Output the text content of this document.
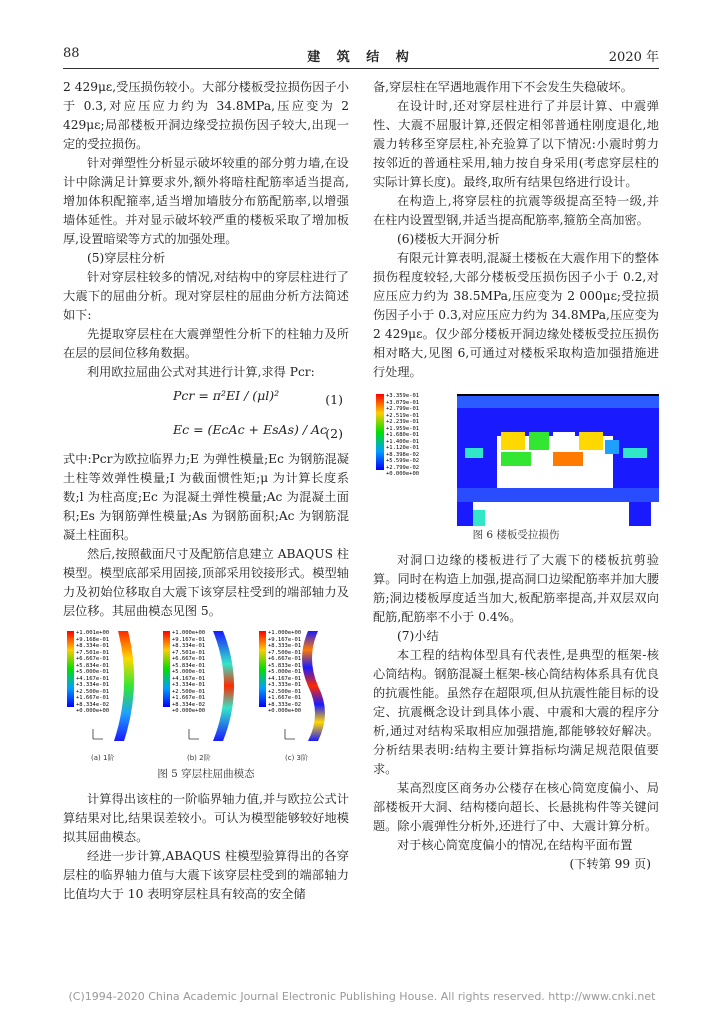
88	建 筑 结 构	2020 年

2 429με,受压损伤较小。大部分楼板受拉损伤因子小于 0.3,对应压应力约为 34.8MPa,压应变为 2 429με;局部楼板开洞边缘受拉损伤因子较大,出现一定的受拉损伤。

针对弹塑性分析显示破坏较重的部分剪力墙,在设计中除满足计算要求外,额外将暗柱配筋率适当提高,增加体积配箍率,适当增加墙肢分布筋配筋率,以增强墙体延性。并对显示破坏较严重的楼板采取了增加板厚,设置暗梁等方式的加强处理。

(5)穿层柱分析

针对穿层柱较多的情况,对结构中的穿层柱进行了大震下的屈曲分析。现对穿层柱的屈曲分析方法简述如下:

先提取穿层柱在大震弹塑性分析下的柱轴力及所在层的层间位移角数据。

利用欧拉屈曲公式对其进行计算,求得 Pcr:

Pcr = π²EI / (μl)²	(1)
Ec = (EcAc + EsAs) / Ac
(2)

式中:Pcr为欧拉临界力;E 为弹性模量;Ec 为钢筋混凝土柱等效弹性模量;I 为截面惯性矩;μ 为计算长度系数;l 为柱高度;Ec 为混凝土弹性模量;Ac 为混凝土面积;Es 为钢筋弹性模量;As 为钢筋面积;Ac 为钢筋混凝土柱面积。

然后,按照截面尺寸及配筋信息建立 ABAQUS 柱模型。模型底部采用固接,顶部采用铰接形式。模型轴力及初始位移取自大震下该穿层柱受到的端部轴力及层位移。其屈曲模态见图 5。

+1.001e+00
+9.168e-01
+8.334e-01
+7.501e-01
+6.667e-01
+5.834e-01
+5.000e-01
+4.167e-01
+3.334e-01
+2.500e-01
+1.667e-01
+8.334e-02
+0.000e+00
+1.000e+00
+9.167e-01
+8.334e-01
+7.501e-01
+6.667e-01
+5.834e-01
+5.000e-01
+4.167e-01
+3.334e-01
+2.500e-01
+1.667e-01
+8.334e-02
+0.000e+00
+1.000e+00
+9.167e-01
+8.333e-01
+7.500e-01
+6.667e-01
+5.833e-01
+5.000e-01
+4.167e-01
+3.333e-01
+2.500e-01
+1.667e-01
+8.333e-02
+0.000e+00
(a) 1阶	(b) 2阶	(c) 3阶

图 5 穿层柱屈曲模态

计算得出该柱的一阶临界轴力值,并与欧拉公式计算结果对比,结果误差较小。可认为模型能够较好地模拟其屈曲模态。

经进一步计算,ABAQUS 柱模型验算得出的各穿层柱的临界轴力值与大震下该穿层柱受到的端部轴力比值均大于 10 表明穿层柱具有较高的安全储

备,穿层柱在罕遇地震作用下不会发生失稳破坏。

在设计时,还对穿层柱进行了并层计算、中震弹性、大震不屈服计算,还假定相邻普通柱刚度退化,地震力转移至穿层柱,补充验算了以下情况:小震时剪力按邻近的普通柱采用,轴力按自身采用(考虑穿层柱的实际计算长度)。最终,取所有结果包络进行设计。

在构造上,将穿层柱的抗震等级提高至特一级,并在柱内设置型钢,并适当提高配筋率,箍筋全高加密。

(6)楼板大开洞分析

有限元计算表明,混凝土楼板在大震作用下的整体损伤程度较轻,大部分楼板受压损伤因子小于 0.2,对应压应力约为 38.5MPa,压应变为 2 000με;受拉损伤因子小于 0.3,对应压应力约为 34.8MPa,压应变为 2 429με。仅少部分楼板开洞边缘处楼板受拉压损伤相对略大,见图 6,可通过对楼板采取构造加强措施进行处理。

+3.359e-01
+3.079e-01
+2.799e-01
+2.519e-01
+2.239e-01
+1.959e-01
+1.680e-01
+1.400e-01
+1.120e-01
+8.398e-02
+5.599e-02
+2.799e-02
+0.000e+00

图 6 楼板受拉损伤

对洞口边缘的楼板进行了大震下的楼板抗剪验算。同时在构造上加强,提高洞口边梁配筋率并加大腰筋;洞边楼板厚度适当加大,板配筋率提高,并双层双向配筋,配筋率不小于 0.4%。

(7)小结

本工程的结构体型具有代表性,是典型的框架-核心筒结构。钢筋混凝土框架-核心筒结构体系具有优良的抗震性能。虽然存在超限项,但从抗震性能目标的设定、抗震概念设计到具体小震、中震和大震的程序分析,通过对结构采取相应加强措施,都能够较好解决。分析结果表明:结构主要计算指标均满足规范限值要求。

某高烈度区商务办公楼存在核心筒宽度偏小、局部楼板开大洞、结构楼向超长、长悬挑构件等关键问题。除小震弹性分析外,还进行了中、大震计算分析。

对于核心筒宽度偏小的情况,在结构平面布置

(下转第 99 页)

(C)1994-2020 China Academic Journal Electronic Publishing House. All rights reserved. http://www.cnki.net
